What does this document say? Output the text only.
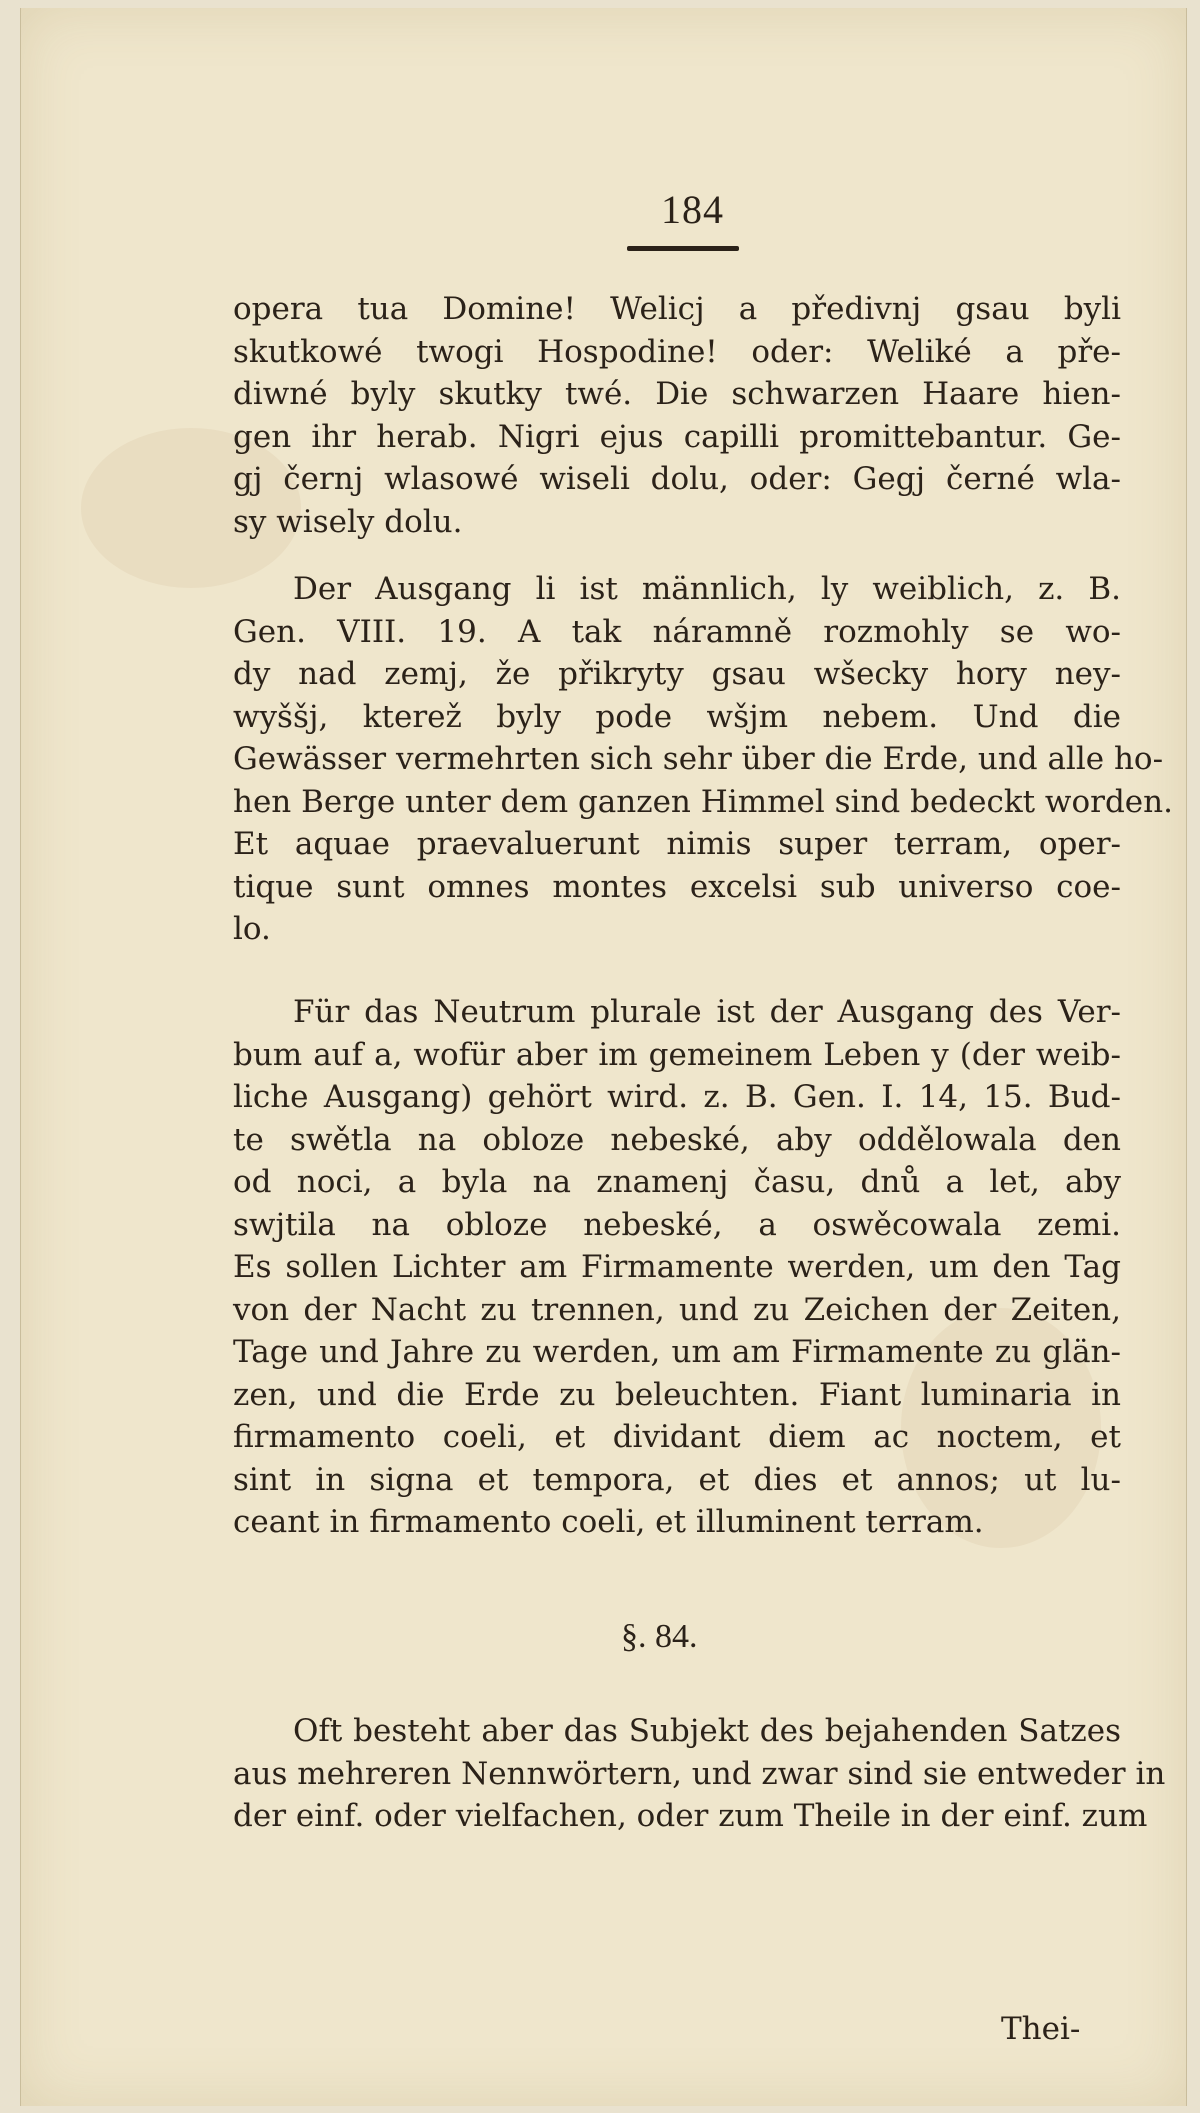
184
opera tua Domine! Welicj a předivnj gsau byli
skutkowé twogi Hospodine! oder: Weliké a pře-
diwné byly skutky twé. Die schwarzen Haare hien-
gen ihr herab. Nigri ejus capilli promittebantur. Ge-
gj černj wlasowé wiseli dolu, oder: Gegj černé wla-
sy wisely dolu.
Der Ausgang li ist männlich, ly weiblich, z. B.
Gen. VIII. 19. A tak náramně rozmohly se wo-
dy nad zemj, že přikryty gsau wšecky hory ney-
wyššj, kterež byly pode wšjm nebem. Und die
Gewässer vermehrten sich sehr über die Erde, und alle ho-
hen Berge unter dem ganzen Himmel sind bedeckt worden.
Et aquae praevaluerunt nimis super terram, oper-
tique sunt omnes montes excelsi sub universo coe-
lo.
Für das Neutrum plurale ist der Ausgang des Ver-
bum auf a, wofür aber im gemeinem Leben y (der weib-
liche Ausgang) gehört wird. z. B. Gen. I. 14, 15. Bud-
te swětla na obloze nebeské, aby oddělowala den
od noci, a byla na znamenj času, dnů a let, aby
swjtila na obloze nebeské, a oswěcowala zemi.
Es sollen Lichter am Firmamente werden, um den Tag
von der Nacht zu trennen, und zu Zeichen der Zeiten,
Tage und Jahre zu werden, um am Firmamente zu glän-
zen, und die Erde zu beleuchten. Fiant luminaria in
firmamento coeli, et dividant diem ac noctem, et
sint in signa et tempora, et dies et annos; ut lu-
ceant in firmamento coeli, et illuminent terram.
§. 84.
Oft besteht aber das Subjekt des bejahenden Satzes
aus mehreren Nennwörtern, und zwar sind sie entweder in
der einf. oder vielfachen, oder zum Theile in der einf. zum
Thei-
